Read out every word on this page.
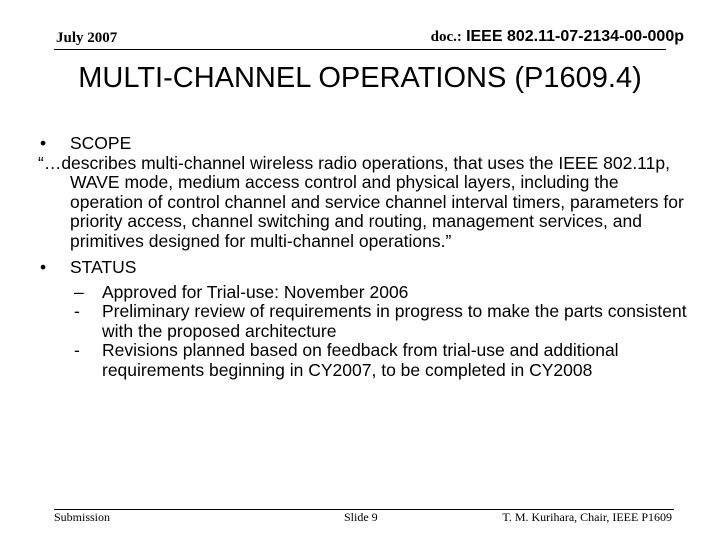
July 2007	doc.: IEEE 802.11-07-2134-00-000p
MULTI-CHANNEL OPERATIONS (P1609.4)
• SCOPE
“…describes multi-channel wireless radio operations, that uses the IEEE 802.11p, WAVE mode, medium access control and physical layers, including the operation of control channel and service channel interval timers, parameters for priority access, channel switching and routing, management services, and primitives designed for multi-channel operations.”
• STATUS
– Approved for Trial-use: November 2006
- Preliminary review of requirements in progress to make the parts consistent with the proposed architecture
- Revisions planned based on feedback from trial-use and additional requirements beginning in CY2007, to be completed in CY2008
Submission	Slide 9	T. M. Kurihara, Chair, IEEE P1609
